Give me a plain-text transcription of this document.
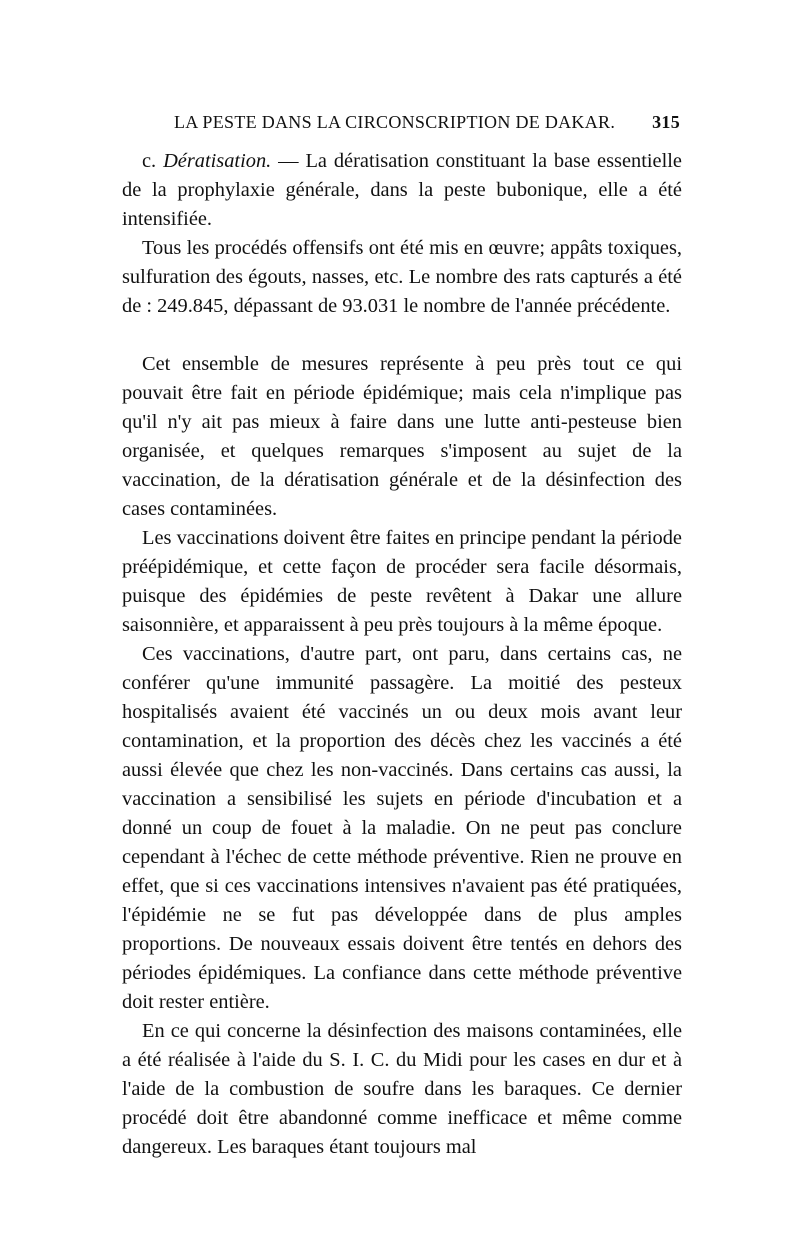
LA PESTE DANS LA CIRCONSCRIPTION DE DAKAR. 315

c. Dératisation. — La dératisation constituant la base essentielle de la prophylaxie générale, dans la peste bubonique, elle a été intensifiée.

Tous les procédés offensifs ont été mis en œuvre; appâts toxiques, sulfuration des égouts, nasses, etc. Le nombre des rats capturés a été de : 249.845, dépassant de 93.031 le nombre de l'année précédente.

Cet ensemble de mesures représente à peu près tout ce qui pouvait être fait en période épidémique; mais cela n'implique pas qu'il n'y ait pas mieux à faire dans une lutte anti-pesteuse bien organisée, et quelques remarques s'imposent au sujet de la vaccination, de la dératisation générale et de la désinfection des cases contaminées.

Les vaccinations doivent être faites en principe pendant la période préépidémique, et cette façon de procéder sera facile désormais, puisque des épidémies de peste revêtent à Dakar une allure saisonnière, et apparaissent à peu près toujours à la même époque.

Ces vaccinations, d'autre part, ont paru, dans certains cas, ne conférer qu'une immunité passagère. La moitié des pesteux hospitalisés avaient été vaccinés un ou deux mois avant leur contamination, et la proportion des décès chez les vaccinés a été aussi élevée que chez les non-vaccinés. Dans certains cas aussi, la vaccination a sensibilisé les sujets en période d'incubation et a donné un coup de fouet à la maladie. On ne peut pas conclure cependant à l'échec de cette méthode préventive. Rien ne prouve en effet, que si ces vaccinations intensives n'avaient pas été pratiquées, l'épidémie ne se fut pas développée dans de plus amples proportions. De nouveaux essais doivent être tentés en dehors des périodes épidémiques. La confiance dans cette méthode préventive doit rester entière.

En ce qui concerne la désinfection des maisons contaminées, elle a été réalisée à l'aide du S. I. C. du Midi pour les cases en dur et à l'aide de la combustion de soufre dans les baraques. Ce dernier procédé doit être abandonné comme inefficace et même comme dangereux. Les baraques étant toujours mal
